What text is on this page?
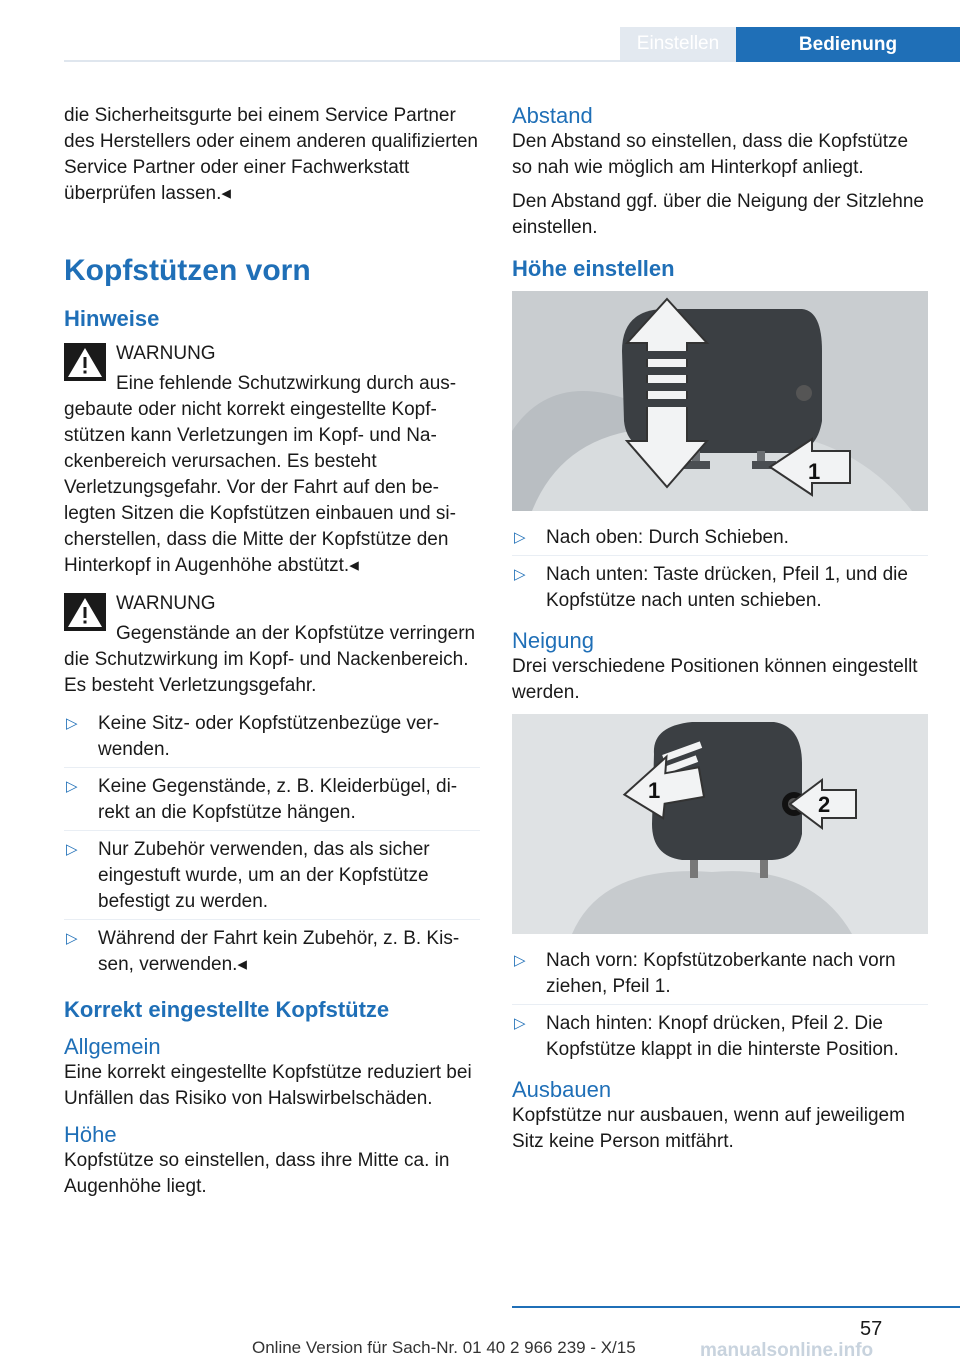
Einstellen	Bedienung

die Sicherheitsgurte bei einem Service Partner des Herstellers oder einem anderen qualifizierten Service Partner oder einer Fachwerkstatt überprüfen lassen.◂

Kopfstützen vorn
Hinweise
WARNUNG
Eine fehlende Schutzwirkung durch ausgebaute oder nicht korrekt eingestellte Kopfstützen kann Verletzungen im Kopf- und Nackenbereich verursachen. Es besteht Verletzungsgefahr. Vor der Fahrt auf den belegten Sitzen die Kopfstützen einbauen und sicherstellen, dass die Mitte der Kopfstütze den Hinterkopf in Augenhöhe abstützt.◂
WARNUNG
Gegenstände an der Kopfstütze verringern die Schutzwirkung im Kopf- und Nackenbereich. Es besteht Verletzungsgefahr.
▷ Keine Sitz- oder Kopfstützenbezüge verwenden.
▷ Keine Gegenstände, z. B. Kleiderbügel, direkt an die Kopfstütze hängen.
▷ Nur Zubehör verwenden, das als sicher eingestuft wurde, um an der Kopfstütze befestigt zu werden.
▷ Während der Fahrt kein Zubehör, z. B. Kissen, verwenden.◂
Korrekt eingestellte Kopfstütze
Allgemein

Eine korrekt eingestellte Kopfstütze reduziert bei Unfällen das Risiko von Halswirbelschäden.

Höhe

Kopfstütze so einstellen, dass ihre Mitte ca. in Augenhöhe liegt.

Abstand

Den Abstand so einstellen, dass die Kopfstütze so nah wie möglich am Hinterkopf anliegt.

Den Abstand ggf. über die Neigung der Sitzlehne einstellen.

Höhe einstellen
1
▷ Nach oben: Durch Schieben.
▷ Nach unten: Taste drücken, Pfeil 1, und die Kopfstütze nach unten schieben.
Neigung

Drei verschiedene Positionen können eingestellt werden.

1
2
▷ Nach vorn: Kopfstützoberkante nach vorn ziehen, Pfeil 1.
▷ Nach hinten: Knopf drücken, Pfeil 2. Die Kopfstütze klappt in die hinterste Position.
Ausbauen

Kopfstütze nur ausbauen, wenn auf jeweiligem Sitz keine Person mitfährt.

57
Online Version für Sach-Nr. 01 40 2 966 239 - X/15	manualsonline.info
